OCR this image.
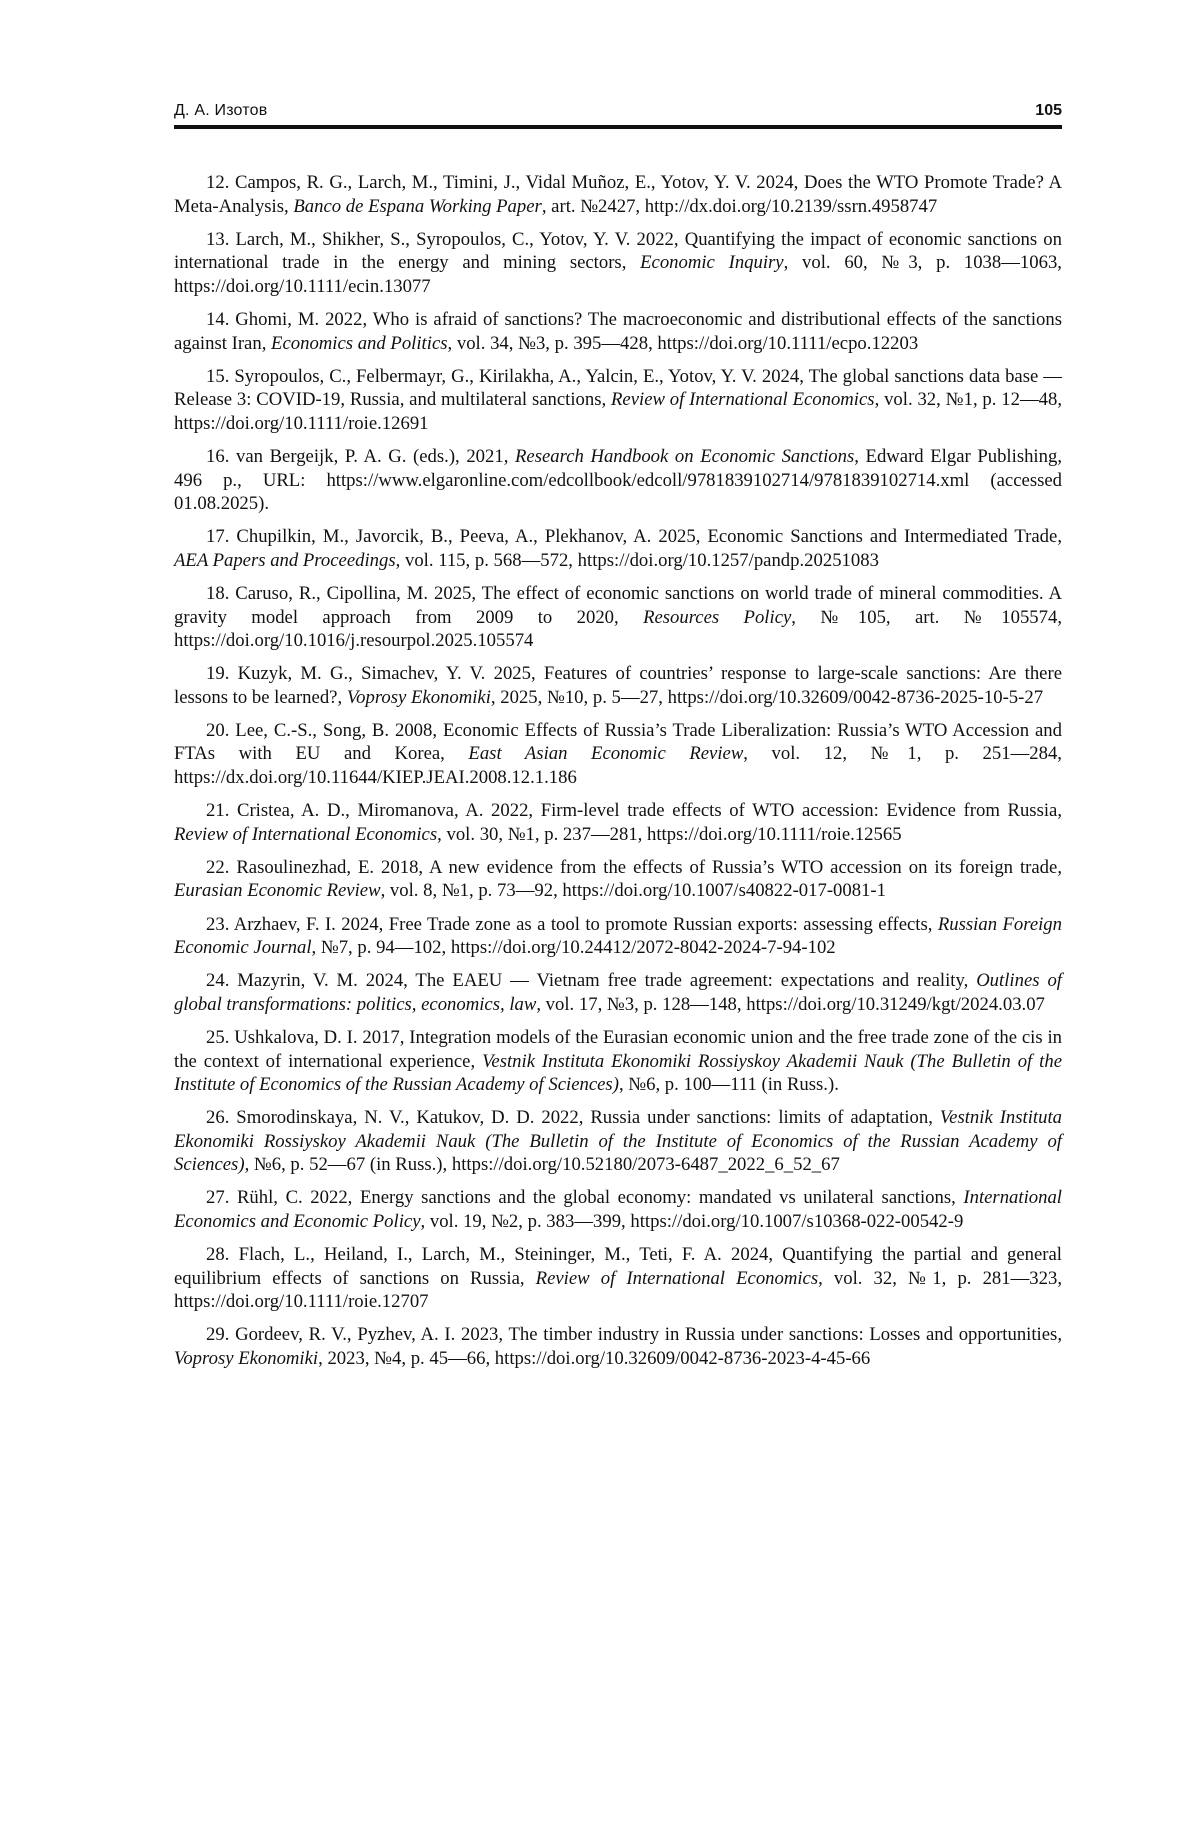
Д. А. Изотов	105
12. Campos, R. G., Larch, M., Timini, J., Vidal Muñoz, E., Yotov, Y. V. 2024, Does the WTO Promote Trade? A Meta-Analysis, Banco de Espana Working Paper, art. №2427, http://dx.doi.org/10.2139/ssrn.4958747
13. Larch, M., Shikher, S., Syropoulos, C., Yotov, Y. V. 2022, Quantifying the impact of economic sanctions on international trade in the energy and mining sectors, Economic Inquiry, vol. 60, №3, p. 1038—1063, https://doi.org/10.1111/ecin.13077
14. Ghomi, M. 2022, Who is afraid of sanctions? The macroeconomic and distributional effects of the sanctions against Iran, Economics and Politics, vol. 34, №3, p. 395—428, https://doi.org/10.1111/ecpo.12203
15. Syropoulos, C., Felbermayr, G., Kirilakha, A., Yalcin, E., Yotov, Y. V. 2024, The global sanctions data base — Release 3: COVID-19, Russia, and multilateral sanctions, Review of International Economics, vol. 32, №1, p. 12—48, https://doi.org/10.1111/roie.12691
16. van Bergeijk, P. A. G. (eds.), 2021, Research Handbook on Economic Sanctions, Edward Elgar Publishing, 496 p., URL: https://www.elgaronline.com/edcollbook/edcoll/9781839102714/9781839102714.xml (accessed 01.08.2025).
17. Chupilkin, M., Javorcik, B., Peeva, A., Plekhanov, A. 2025, Economic Sanctions and Intermediated Trade, AEA Papers and Proceedings, vol. 115, p. 568—572, https://doi.org/10.1257/pandp.20251083
18. Caruso, R., Cipollina, M. 2025, The effect of economic sanctions on world trade of mineral commodities. A gravity model approach from 2009 to 2020, Resources Policy, №105, art. №105574, https://doi.org/10.1016/j.resourpol.2025.105574
19. Kuzyk, M. G., Simachev, Y. V. 2025, Features of countries’ response to large-scale sanctions: Are there lessons to be learned?, Voprosy Ekonomiki, 2025, №10, p. 5—27, https://doi.org/10.32609/0042-8736-2025-10-5-27
20. Lee, C.-S., Song, B. 2008, Economic Effects of Russia’s Trade Liberalization: Russia’s WTO Accession and FTAs with EU and Korea, East Asian Economic Review, vol. 12, №1, p. 251—284, https://dx.doi.org/10.11644/KIEP.JEAI.2008.12.1.186
21. Cristea, A. D., Miromanova, A. 2022, Firm-level trade effects of WTO accession: Evidence from Russia, Review of International Economics, vol. 30, №1, p. 237—281, https://doi.org/10.1111/roie.12565
22. Rasoulinezhad, E. 2018, A new evidence from the effects of Russia’s WTO accession on its foreign trade, Eurasian Economic Review, vol. 8, №1, p. 73—92, https://doi.org/10.1007/s40822-017-0081-1
23. Arzhaev, F. I. 2024, Free Trade zone as a tool to promote Russian exports: assessing effects, Russian Foreign Economic Journal, №7, p. 94—102, https://doi.org/10.24412/2072-8042-2024-7-94-102
24. Mazyrin, V. M. 2024, The EAEU — Vietnam free trade agreement: expectations and reality, Outlines of global transformations: politics, economics, law, vol. 17, №3, p. 128—148, https://doi.org/10.31249/kgt/2024.03.07
25. Ushkalova, D. I. 2017, Integration models of the Eurasian economic union and the free trade zone of the cis in the context of international experience, Vestnik Instituta Ekonomiki Rossiyskoy Akademii Nauk (The Bulletin of the Institute of Economics of the Russian Academy of Sciences), №6, p. 100—111 (in Russ.).
26. Smorodinskaya, N. V., Katukov, D. D. 2022, Russia under sanctions: limits of adaptation, Vestnik Instituta Ekonomiki Rossiyskoy Akademii Nauk (The Bulletin of the Institute of Economics of the Russian Academy of Sciences), №6, p. 52—67 (in Russ.), https://doi.org/10.52180/2073-6487_2022_6_52_67
27. Rühl, C. 2022, Energy sanctions and the global economy: mandated vs unilateral sanctions, International Economics and Economic Policy, vol. 19, №2, p. 383—399, https://doi.org/10.1007/s10368-022-00542-9
28. Flach, L., Heiland, I., Larch, M., Steininger, M., Teti, F. A. 2024, Quantifying the partial and general equilibrium effects of sanctions on Russia, Review of International Economics, vol. 32, №1, p. 281—323, https://doi.org/10.1111/roie.12707
29. Gordeev, R. V., Pyzhev, A. I. 2023, The timber industry in Russia under sanctions: Losses and opportunities, Voprosy Ekonomiki, 2023, №4, p. 45—66, https://doi.org/10.32609/0042-8736-2023-4-45-66
